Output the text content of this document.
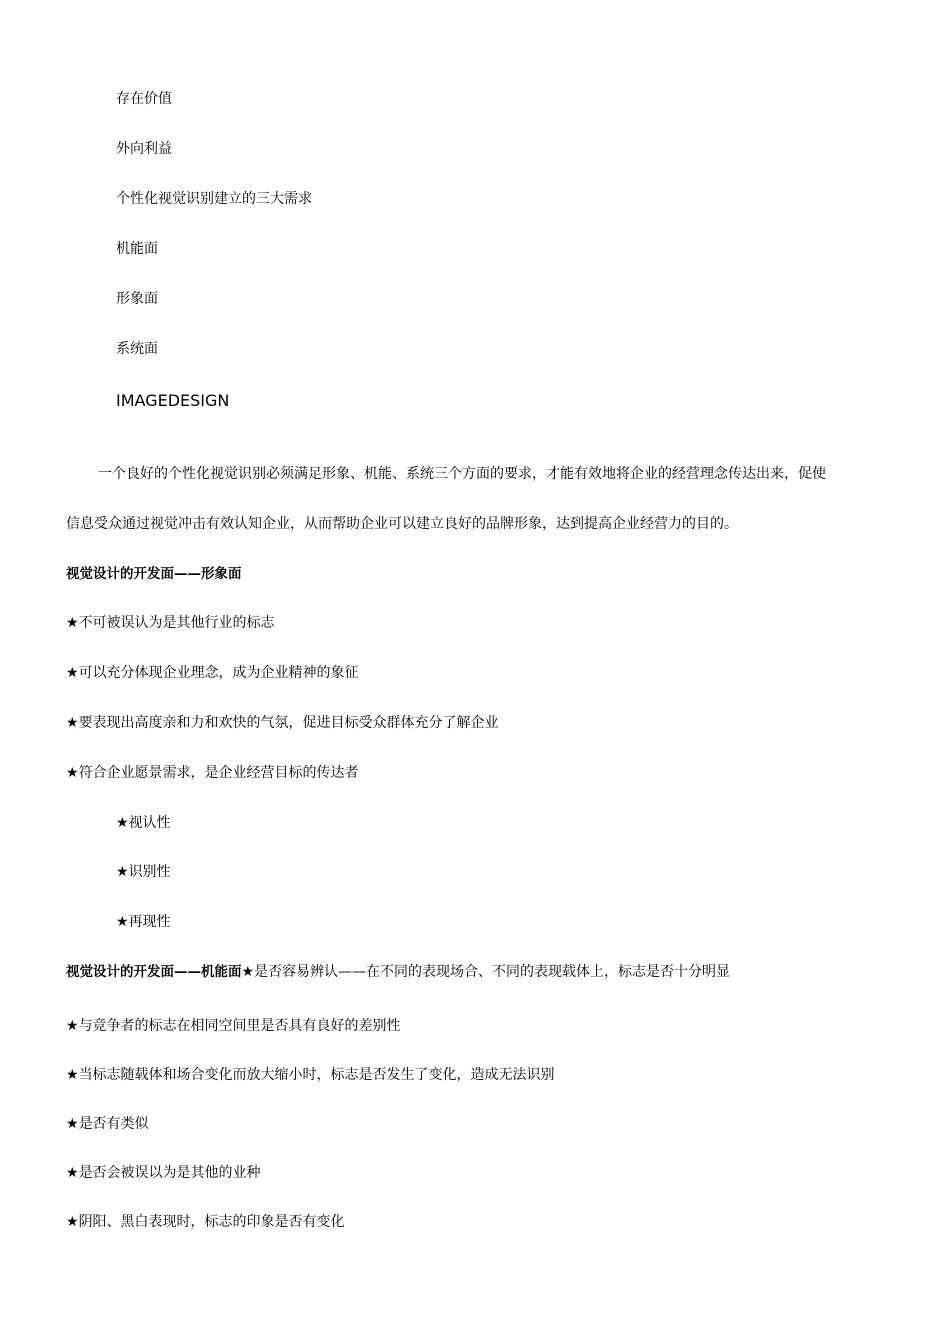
存在价值
外向利益
个性化视觉识别建立的三大需求
机能面
形象面
系统面
IMAGEDESIGN
一个良好的个性化视觉识别必须满足形象、机能、系统三个方面的要求，才能有效地将企业的经营理念传达出来，促使
信息受众通过视觉冲击有效认知企业，从而帮助企业可以建立良好的品牌形象，达到提高企业经营力的目的。
视觉设计的开发面——形象面
★不可被误认为是其他行业的标志
★可以充分体现企业理念，成为企业精神的象征
★要表现出高度亲和力和欢快的气氛，促进目标受众群体充分了解企业
★符合企业愿景需求，是企业经营目标的传达者
★视认性
★识别性
★再现性
视觉设计的开发面——机能面★是否容易辨认——在不同的表现场合、不同的表现载体上，标志是否十分明显
★与竞争者的标志在相同空间里是否具有良好的差别性
★当标志随载体和场合变化而放大缩小时，标志是否发生了变化，造成无法识别
★是否有类似
★是否会被误以为是其他的业种
★阴阳、黑白表现时，标志的印象是否有变化
